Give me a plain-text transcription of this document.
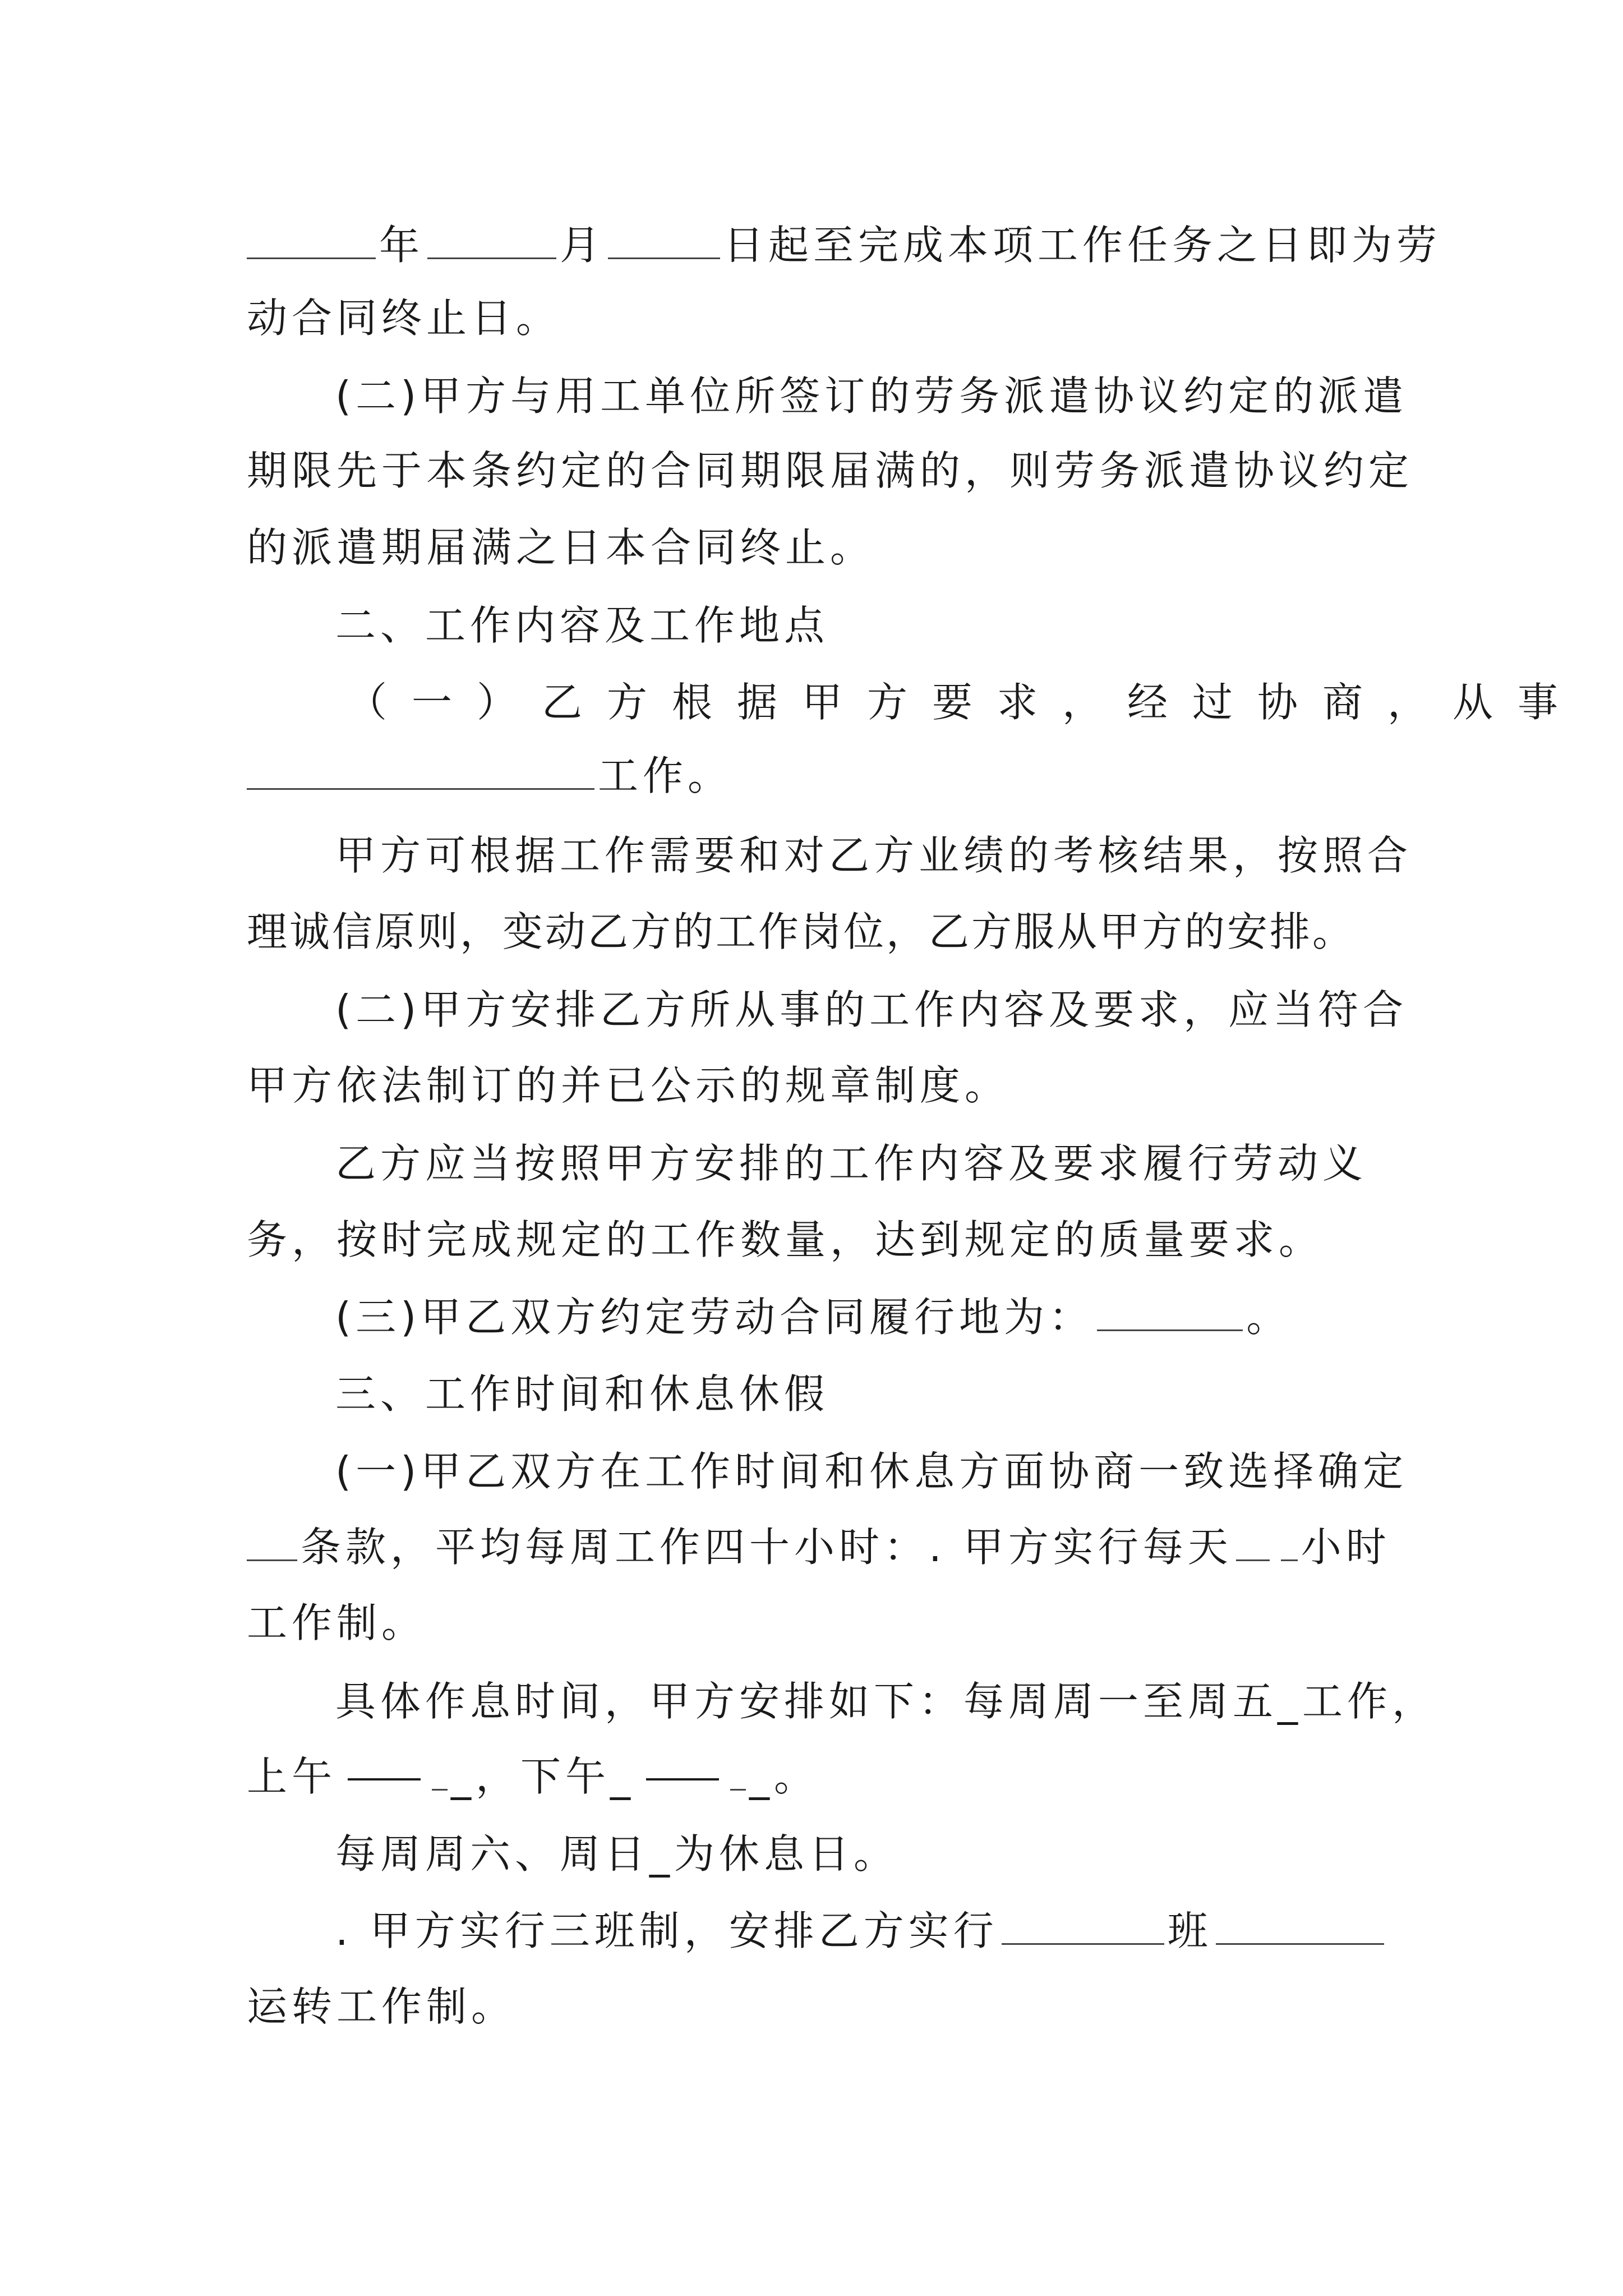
年	月	日起至完成本项工作任务之日即为劳
动合同终止日。
(二)甲方与用工单位所签订的劳务派遣协议约定的派遣
期限先于本条约定的合同期限届满的，则劳务派遣协议约定
的派遣期届满之日本合同终止。
二、工作内容及工作地点
（一）乙方根据甲方要求，经过协商，从事
工作。
甲方可根据工作需要和对乙方业绩的考核结果，按照合
理诚信原则，变动乙方的工作岗位，乙方服从甲方的安排。
(二)甲方安排乙方所从事的工作内容及要求，应当符合
甲方依法制订的并已公示的规章制度。
乙方应当按照甲方安排的工作内容及要求履行劳动义
务，按时完成规定的工作数量，达到规定的质量要求。
(三)甲乙双方约定劳动合同履行地为：	。
三、工作时间和休息休假
(一)甲乙双方在工作时间和休息方面协商一致选择确定
条款，平均每周工作四十小时：. 甲方实行每天 小时
工作制。
具体作息时间，甲方安排如下：每周周一至周五_工作，
上午	_，下午_	_。
每周周六、周日_为休息日。
. 甲方实行三班制，安排乙方实行	班
运转工作制。
